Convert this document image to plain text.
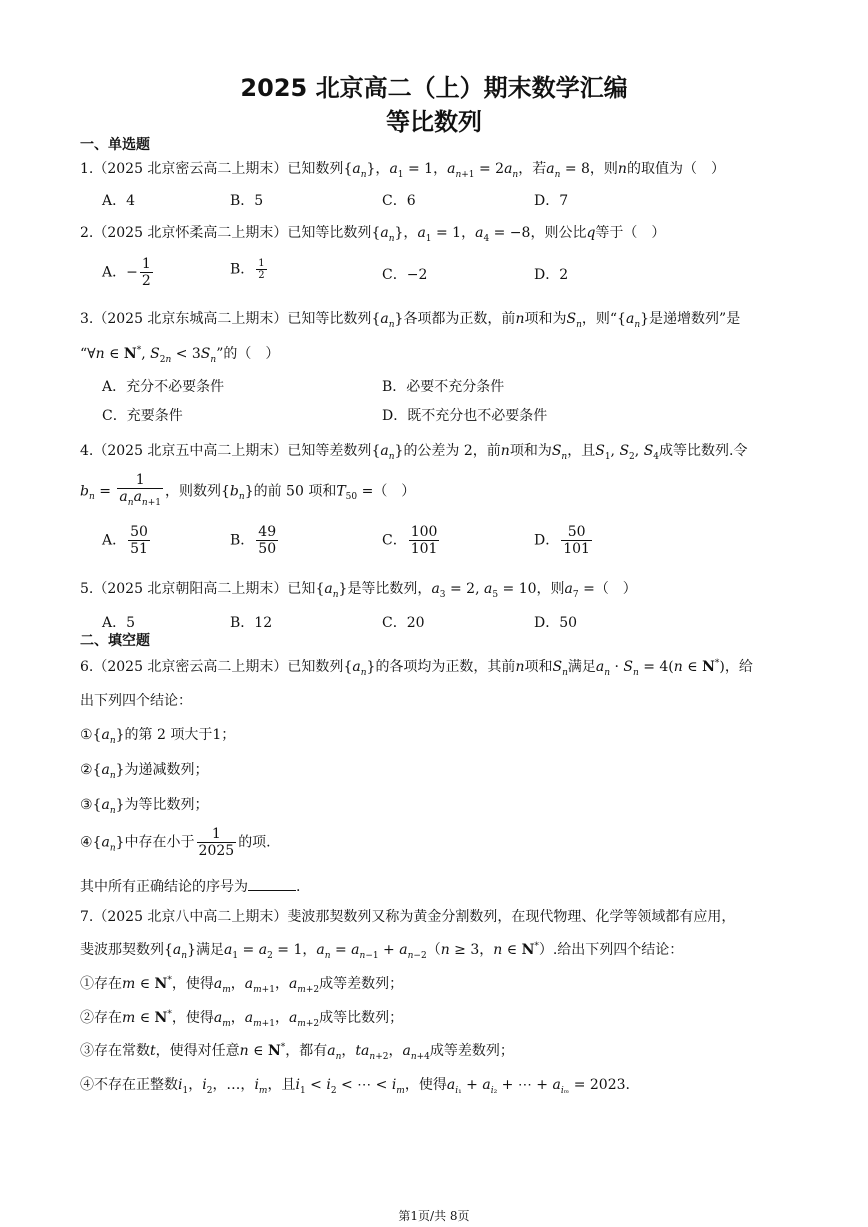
2025 北京高二（上）期末数学汇编
等比数列
一、单选题
1.（2025 北京密云高二上期末）已知数列$\{a_n\}$，$a_1 = 1$，$a_{n+1} = 2a_n$，若$a_n = 8$，则n的取值为（　）
A．4	B．5	C．6	D．7
2.（2025 北京怀柔高二上期末）已知等比数列$\{a_n\}$，$a_1 = 1$，$a_4 = -8$，则公比q等于（　）
A．− $\frac{1}{2}$	B． $\frac{1}{2}$	C．−2	D．2
3.（2025 北京东城高二上期末）已知等比数列$\{a_n\}$各项都为正数，前n项和为$S_n$，则“$\{a_n\}$是递增数列”是
“∀n ∈ N*, $S_{2n} < 3S_n$”的（　）
A．充分不必要条件	B．必要不充分条件
C．充要条件	D．既不充分也不必要条件
4.（2025 北京五中高二上期末）已知等差数列$\{a_n\}$的公差为 2，前n项和为$S_n$，且$S_1$, $S_2$, $S_4$成等比数列.令
$b_n = \frac{1}{a_na_{n+1}}$ ，则数列$\{b_n\}$的前 50 项和$T_{50}$ =（　）
A． $\frac{50}{51}$	B． $\frac{49}{50}$	C． $\frac{100}{101}$	D． $\frac{50}{101}$
5.（2025 北京朝阳高二上期末）已知$\{a_n\}$是等比数列，$a_3 = 2$, $a_5 = 10$，则$a_7$ =（　）
A．5	B．12	C．20	D．50
二、填空题
6.（2025 北京密云高二上期末）已知数列$\{a_n\}$的各项均为正数，其前n项和$S_n$满足$a_n \cdot S_n = 4(n$ ∈ N*)，给
出下列四个结论：
$①\{a_n\}$的第 2 项大于1；
$②\{a_n\}$为递减数列；
$③\{a_n\}$为等比数列；
$④\{a_n\}$中存在小于 $\frac{1}{2025}$ 的项.
其中所有正确结论的序号为	.
7.（2025 北京八中高二上期末）斐波那契数列又称为黄金分割数列，在现代物理、化学等领域都有应用，
斐波那契数列$\{a_n\}$满足$a_1 = a_2 = 1$，$a_n = a_{n-1} + a_{n-2}(n \ge 3$，n ∈ N*）.给出下列四个结论：
①存在m ∈ N*，使得$a_m$，$a_{m+1}$，$a_{m+2}$成等差数列；
②存在m ∈ N*，使得$a_m$，$a_{m+1}$，$a_{m+2}$成等比数列；
③存在常数t，使得对任意n ∈ N*，都有$a_n$，$ta_{n+2}$，$a_{n+4}$成等差数列；
④不存在正整数$i_1$，$i_2$，…，$i_m$，且$i_1 < i_2$ < ⋯ < $i_m$，使得$a_{i_1} + a_{i_2}$ + ⋯ + $a_{i_m} = 2023$.
第1页/共 8页
